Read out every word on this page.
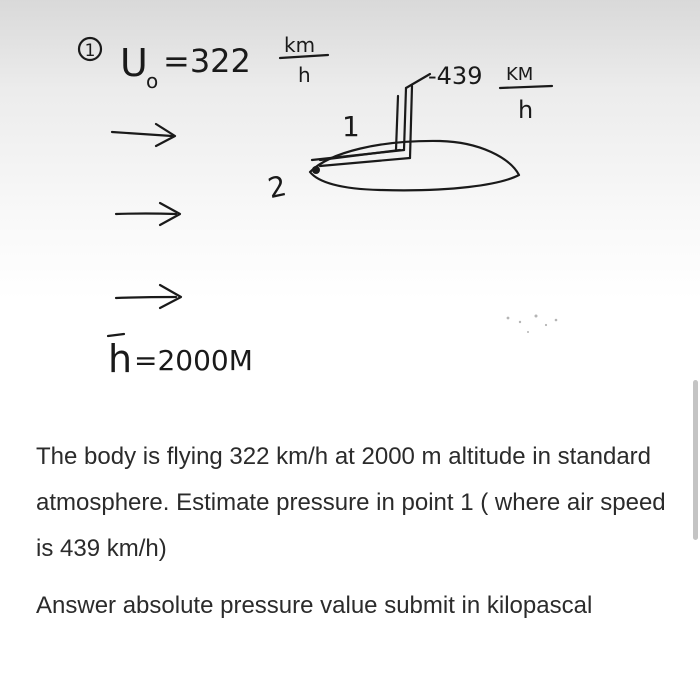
1 U
o
=322 km
h
1
2
-439 KM
h
h =2000M

The body is flying 322 km/h at 2000 m altitude in standard atmosphere. Estimate pressure in point 1 ( where air speed is 439 km/h)

Answer absolute pressure value submit in kilopascal
